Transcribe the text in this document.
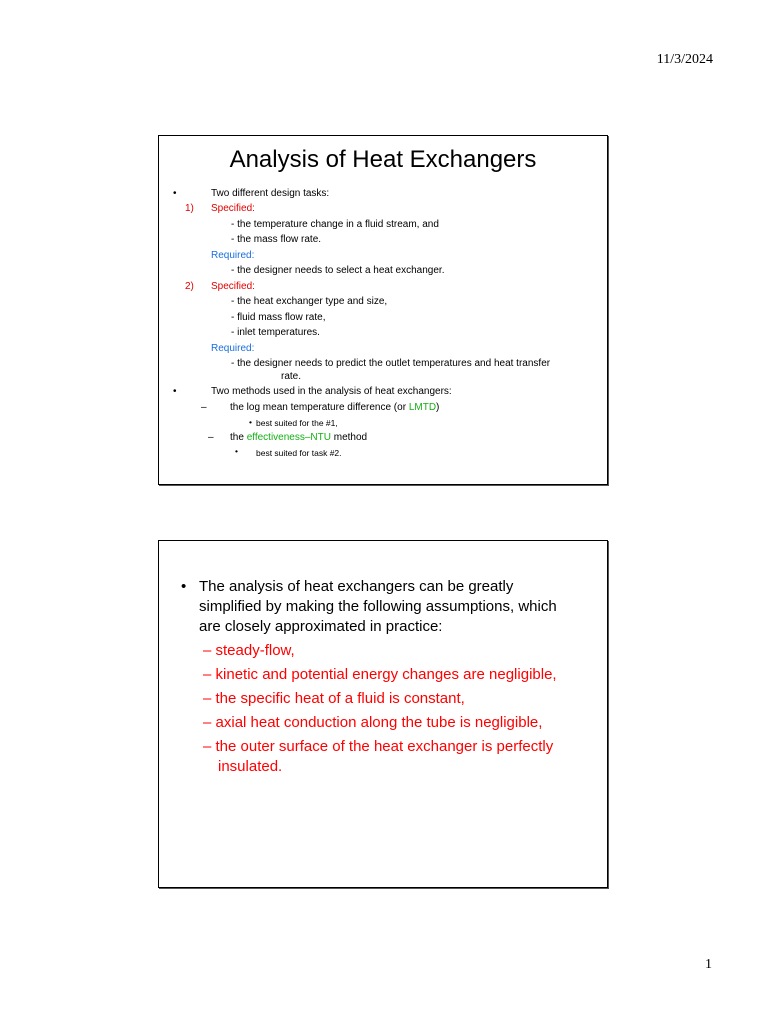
11/3/2024
Analysis of Heat Exchangers
•	Two different design tasks:
1) Specified:
- the temperature change in a fluid stream, and
- the mass flow rate.
Required:
- the designer needs to select a heat exchanger.
2) Specified:
- the heat exchanger type and size,
- fluid mass flow rate,
- inlet temperatures.
Required:
- the designer needs to predict the outlet temperatures and heat transfer
rate.
•	Two methods used in the analysis of heat exchangers:
– the log mean temperature difference (or LMTD)
• best suited for the #1,
– the effectiveness–NTU method
• best suited for task #2.
• The analysis of heat exchangers can be greatly
simplified by making the following assumptions, which
are closely approximated in practice:
– steady-flow,
– kinetic and potential energy changes are negligible,
– the specific heat of a fluid is constant,
– axial heat conduction along the tube is negligible,
– the outer surface of the heat exchanger is perfectly
insulated.
1
